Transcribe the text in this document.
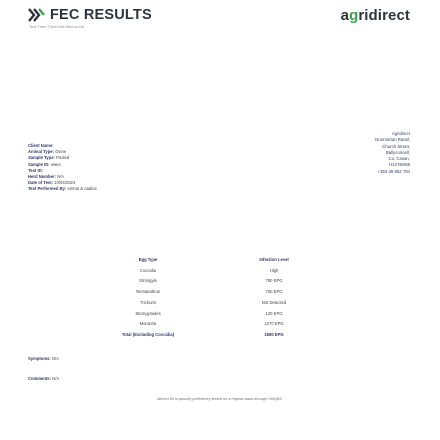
FEC RESULTS
Test Then Treat with Micron Kit
agridirect
Client Name:
Animal Type: Ovine
Sample Type: Pooled
Sample ID: ewes
Test ID:
Herd Number: N/A
Date of Test: 10/04/2024
Test Performed By: emma & nadine
Agridirect
Drumrahan Retail,
Church Street,
Ballyconnell,
Co. Cavan,
H14 NW58
+353 49 952 794
Egg Type
Coccidia
Strongyle
Nematodirus
Trichuris
Strongyloides
Moniezia
Total (Excluding Coccidia)
Infection Level
High
780 EPG
720 EPG
Not Detected
120 EPG
1270 EPG
1890 EPG
Symptoms: N/A
Comments: N/A
Micron Kit is proudly proficiency tested on a regular basis through VetQAS.
